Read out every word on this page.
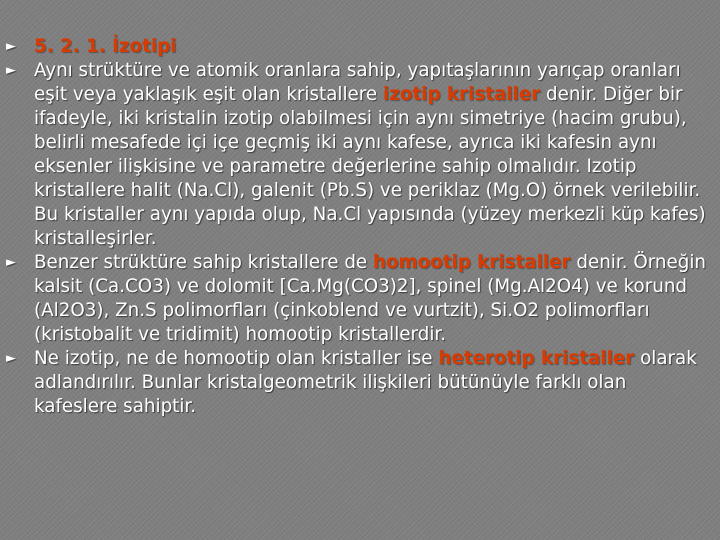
► 5. 2. 1. İzotipi
► Aynı strüktüre ve atomik oranlara sahip, yapıtaşlarının yarıçap oranları eşit veya yaklaşık eşit olan kristallere izotip kristaller denir. Diğer bir ifadeyle, iki kristalin izotip olabilmesi için aynı simetriye (hacim grubu), belirli mesafede içi içe geçmiş iki aynı kafese, ayrıca iki kafesin aynı eksenler ilişkisine ve parametre değerlerine sahip olmalıdır. Izotip kristallere halit (Na.Cl), galenit (Pb.S) ve periklaz (Mg.O) örnek verilebilir. Bu kristaller aynı yapıda olup, Na.Cl yapısında (yüzey merkezli küp kafes) kristalleşirler.
► Benzer strüktüre sahip kristallere de homootip kristaller denir. Örneğin kalsit (Ca.CO3) ve dolomit [Ca.Mg(CO3)2], spinel (Mg.Al2O4) ve korund (Al2O3), Zn.S polimorfları (çinkoblend ve vurtzit), Si.O2 polimorfları (kristobalit ve tridimit) homootip kristallerdir.
► Ne izotip, ne de homootip olan kristaller ise heterotip kristaller olarak adlandırılır. Bunlar kristalgeometrik ilişkileri bütünüyle farklı olan kafeslere sahiptir.
